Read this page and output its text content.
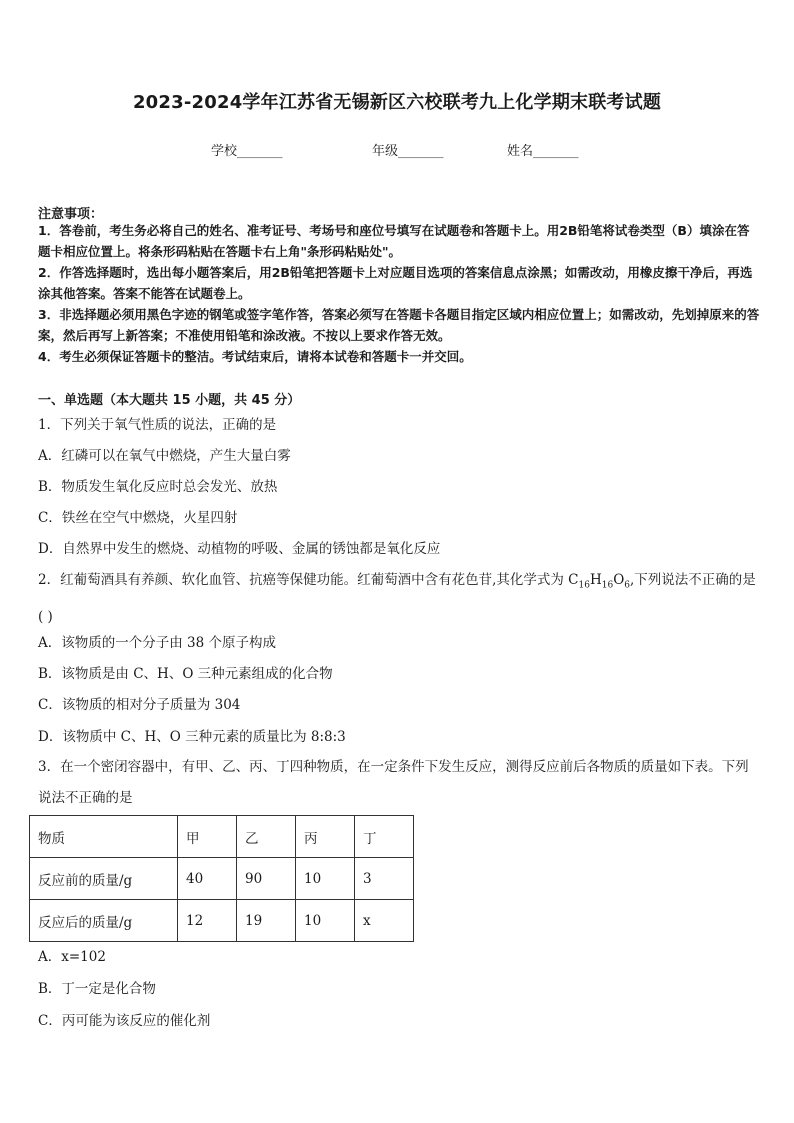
2023-2024学年江苏省无锡新区六校联考九上化学期末联考试题
学校_______	年级_______	姓名_______
注意事项：
1．答卷前，考生务必将自己的姓名、准考证号、考场号和座位号填写在试题卷和答题卡上。用2B铅笔将试卷类型（B）填涂在答题卡相应位置上。将条形码粘贴在答题卡右上角"条形码粘贴处"。
2．作答选择题时，选出每小题答案后，用2B铅笔把答题卡上对应题目选项的答案信息点涂黑；如需改动，用橡皮擦干净后，再选涂其他答案。答案不能答在试题卷上。
3．非选择题必须用黑色字迹的钢笔或签字笔作答，答案必须写在答题卡各题目指定区域内相应位置上；如需改动，先划掉原来的答案，然后再写上新答案；不准使用铅笔和涂改液。不按以上要求作答无效。
4．考生必须保证答题卡的整洁。考试结束后，请将本试卷和答题卡一并交回。
一、单选题（本大题共 15 小题，共 45 分）
1．下列关于氧气性质的说法，正确的是
A．红磷可以在氧气中燃烧，产生大量白雾
B．物质发生氧化反应时总会发光、放热
C．铁丝在空气中燃烧，火星四射
D．自然界中发生的燃烧、动植物的呼吸、金属的锈蚀都是氧化反应
2．红葡萄酒具有养颜、软化血管、抗癌等保健功能。红葡萄酒中含有花色苷,其化学式为 $C_{16}H_{16}O_6$,下列说法不正确的是( )
A．该物质的一个分子由 38 个原子构成
B．该物质是由 C、H、O 三种元素组成的化合物
C．该物质的相对分子质量为 304
D．该物质中 C、H、O 三种元素的质量比为 8:8:3
3．在一个密闭容器中，有甲、乙、丙、丁四种物质，在一定条件下发生反应，测得反应前后各物质的质量如下表。下列说法不正确的是
物质	甲	乙	丙	丁
反应前的质量/g	40	90	10	3
反应后的质量/g	12	19	10	x
A．x=102
B．丁一定是化合物
C．丙可能为该反应的催化剂
